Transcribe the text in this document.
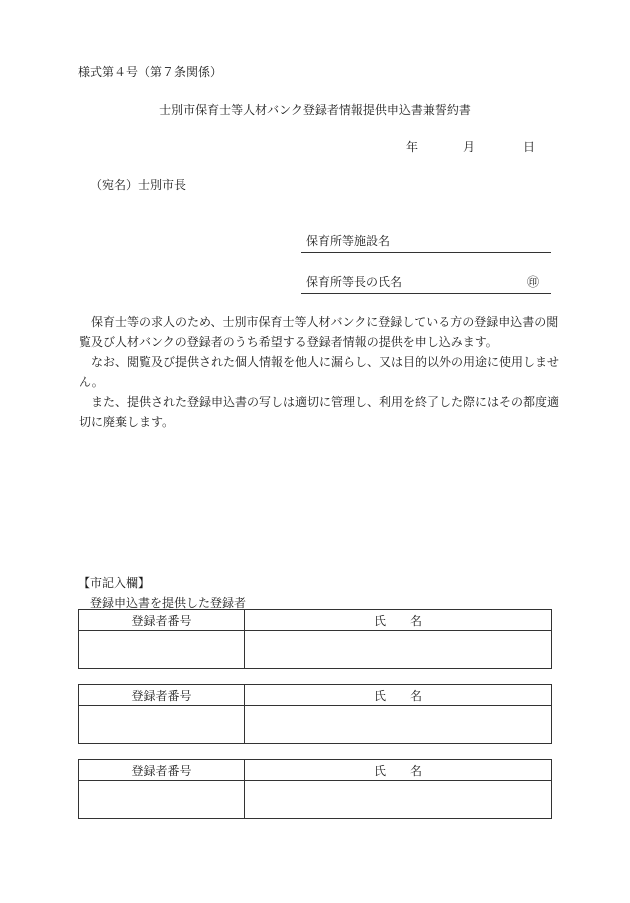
様式第４号（第７条関係）
士別市保育士等人材バンク登録者情報提供申込書兼誓約書
年	月	日
（宛名）士別市長
保育所等施設名
保育所等長の氏名	㊞

保育士等の求人のため、士別市保育士等人材バンクに登録している方の登録申込書の閲覧及び人材バンクの登録者のうち希望する登録者情報の提供を申し込みます。

なお、閲覧及び提供された個人情報を他人に漏らし、又は目的以外の用途に使用しません。

また、提供された登録申込書の写しは適切に管理し、利用を終了した際にはその都度適切に廃棄します。

【市記入欄】
登録申込書を提供した登録者
登録者番号	氏　　名

登録者番号	氏　　名

登録者番号	氏　　名
